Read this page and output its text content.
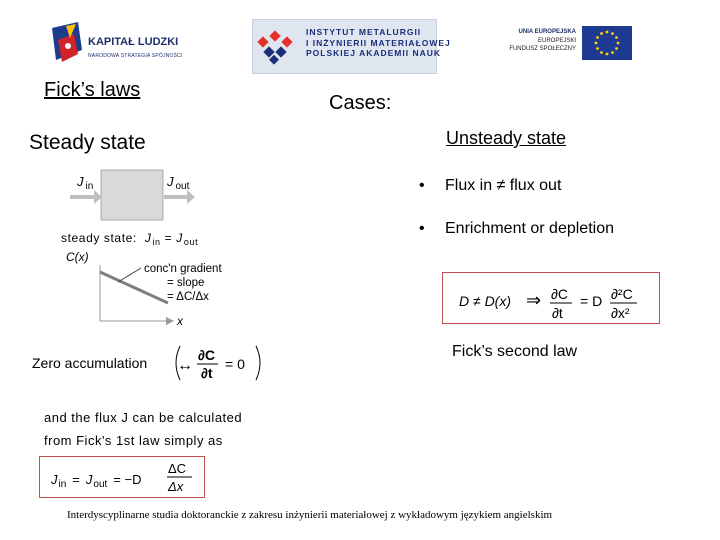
KAPITAŁ LUDZKI
NARODOWA STRATEGIA SPÓJNOŚCI
INSTYTUT METALURGII
I INŻYNIERII MATERIAŁOWEJ
POLSKIEJ AKADEMII NAUK
UNIA EUROPEJSKA
EUROPEJSKI
FUNDUSZ SPOŁECZNY
Fick’s laws
Cases:
Steady state	Unsteady state
J $_{in}$	J $_{out}$
steady state: $J_{in} = J_{out}$
C(x)
conc'n gradient
= slope
= ΔC/Δx
x
Zero accumulation ↔
∂C
∂t
= 0
and the flux J can be calculated
from Fick's 1st law simply as
$J_{in} = J_{out} = -D$
ΔC
Δx
• Flux in ≠ flux out
• Enrichment or depletion
D ≠ D(x) ⇒ ∂C
∂t
= D ∂²C
∂x²
Fick’s second law
Interdyscyplinarne studia doktoranckie z zakresu inżynierii materiałowej z wykładowym językiem angielskim
